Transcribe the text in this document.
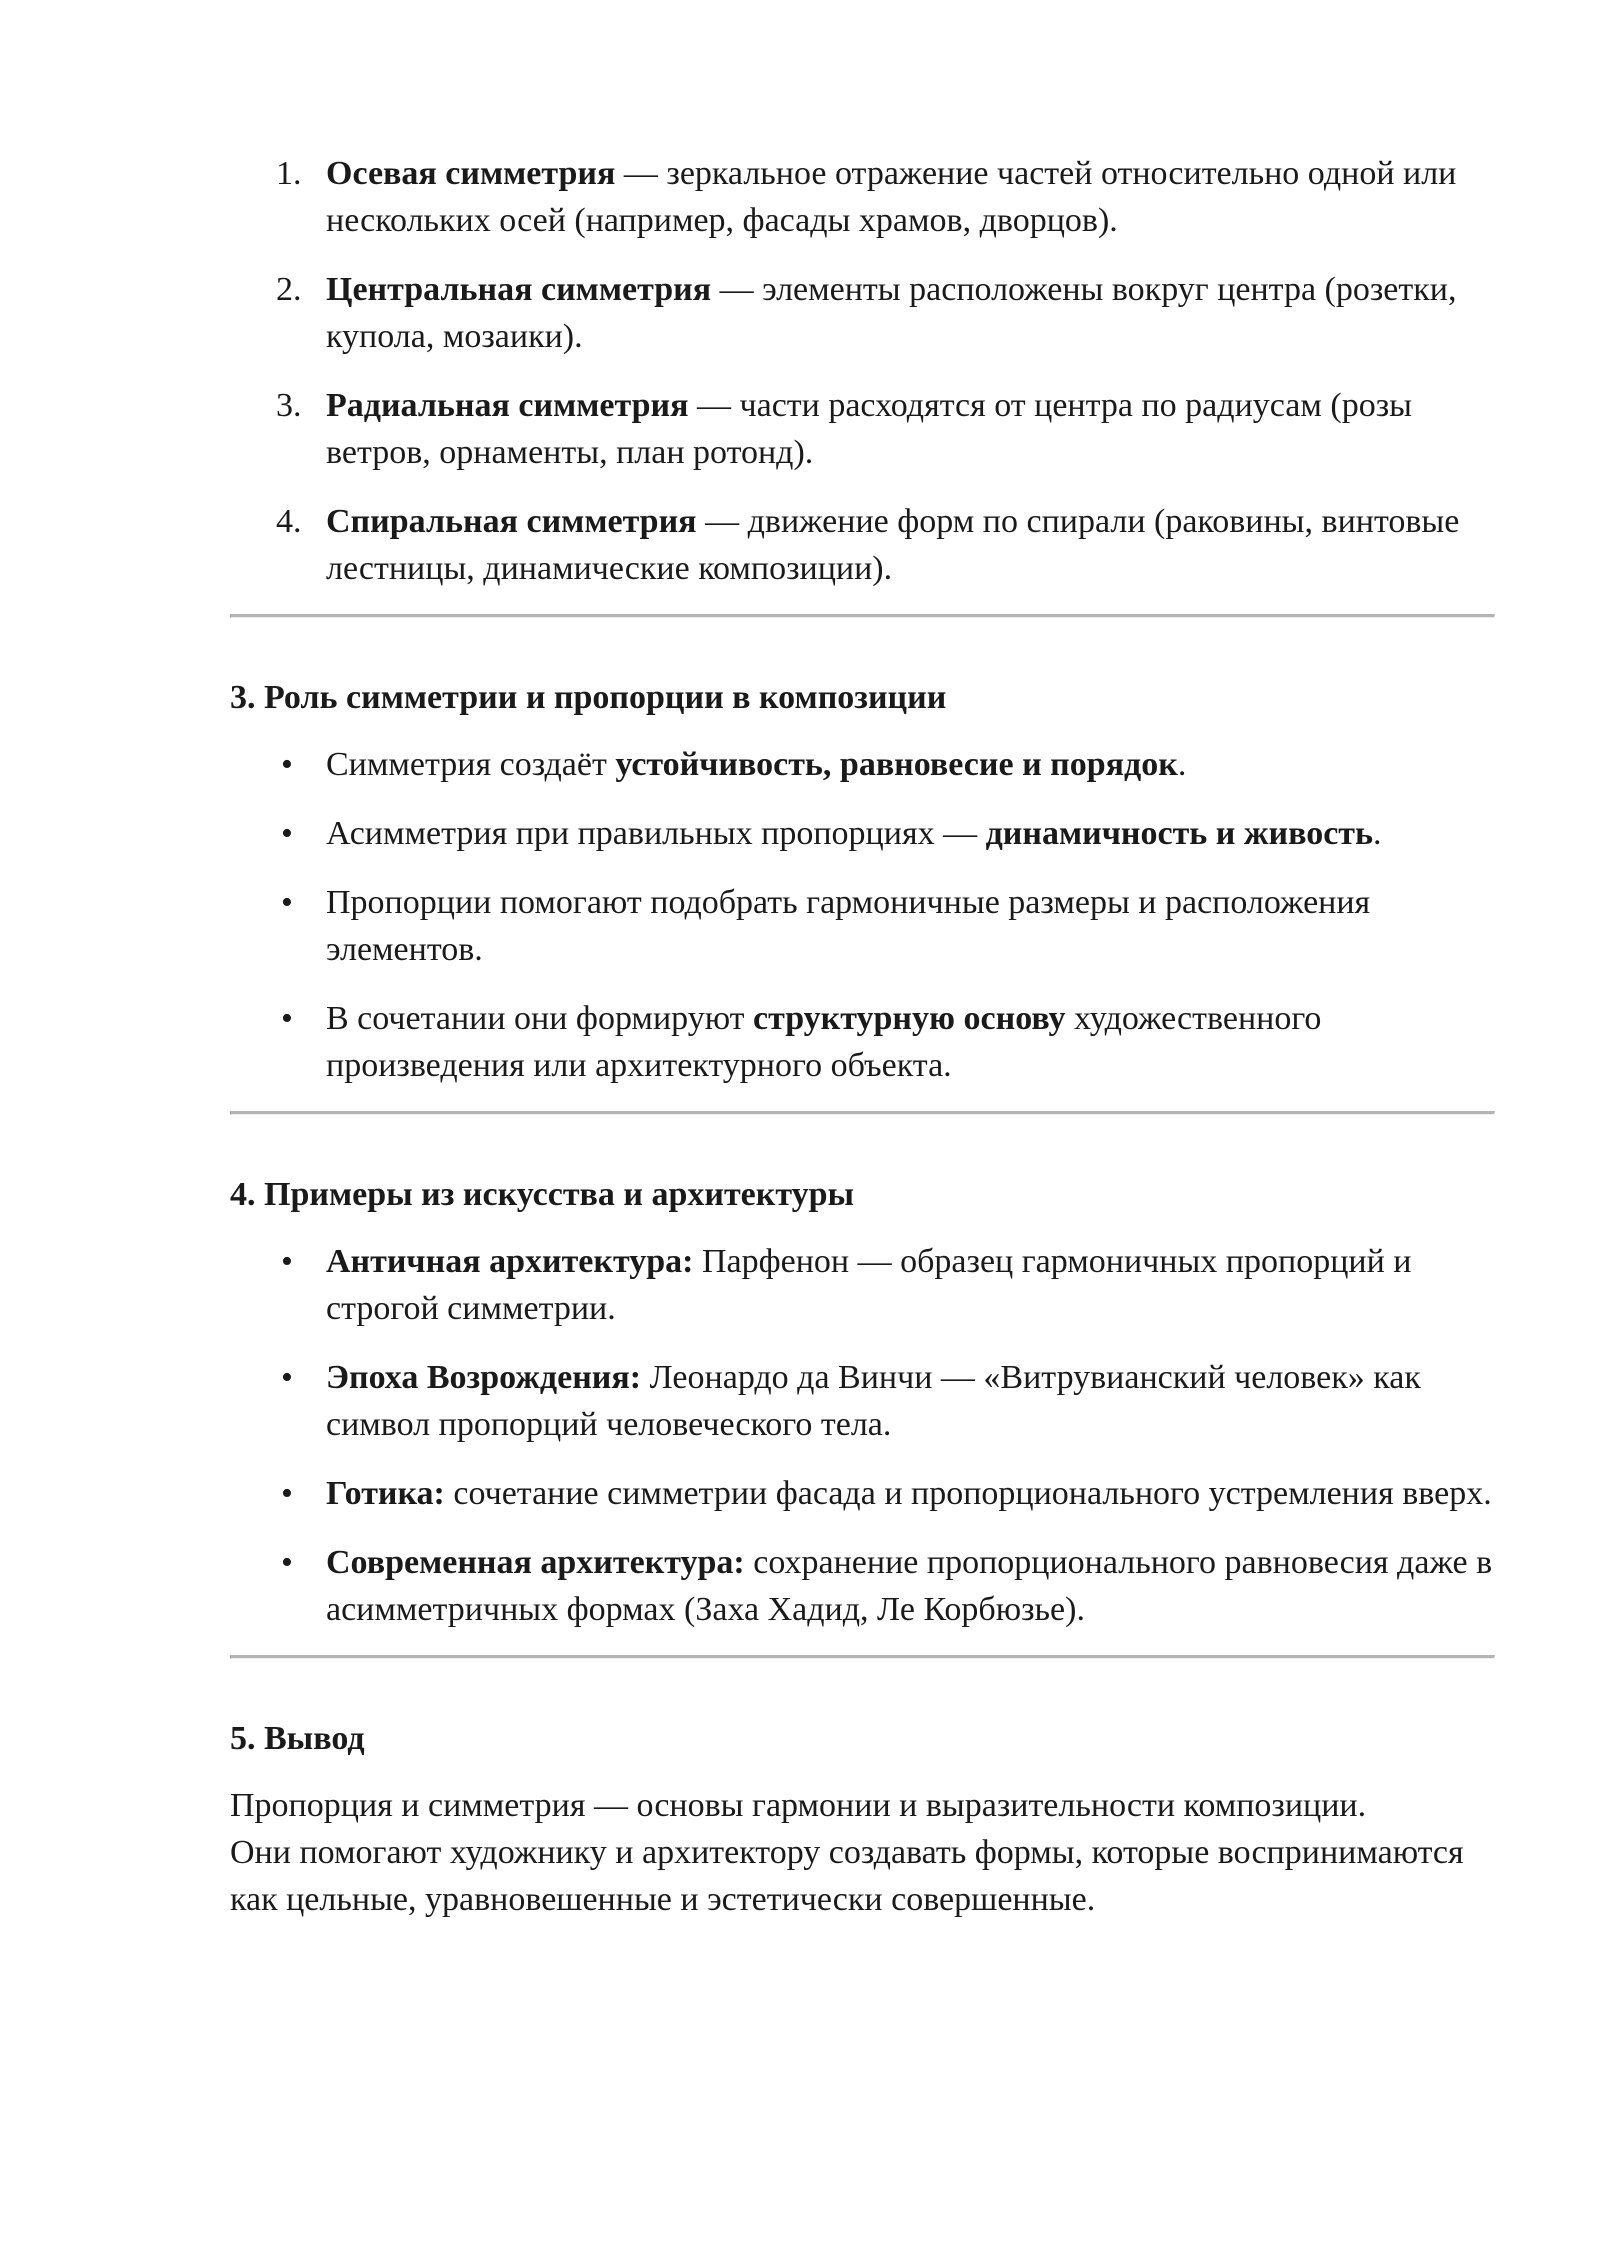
1. Осевая симметрия — зеркальное отражение частей относительно одной или нескольких осей (например, фасады храмов, дворцов).
2. Центральная симметрия — элементы расположены вокруг центра (розетки, купола, мозаики).
3. Радиальная симметрия — части расходятся от центра по радиусам (розы ветров, орнаменты, план ротонд).
4. Спиральная симметрия — движение форм по спирали (раковины, винтовые лестницы, динамические композиции).
3. Роль симметрии и пропорции в композиции
• Симметрия создаёт устойчивость, равновесие и порядок.
• Асимметрия при правильных пропорциях — динамичность и живость.
• Пропорции помогают подобрать гармоничные размеры и расположения элементов.
• В сочетании они формируют структурную основу художественного произведения или архитектурного объекта.
4. Примеры из искусства и архитектуры
• Античная архитектура: Парфенон — образец гармоничных пропорций и строгой симметрии.
• Эпоха Возрождения: Леонардо да Винчи — «Витрувианский человек» как символ пропорций человеческого тела.
• Готика: сочетание симметрии фасада и пропорционального устремления вверх.
• Современная архитектура: сохранение пропорционального равновесия даже в асимметричных формах (Заха Хадид, Ле Корбюзье).
5. Вывод

Пропорция и симметрия — основы гармонии и выразительности композиции.
Они помогают художнику и архитектору создавать формы, которые воспринимаются как цельные, уравновешенные и эстетически совершенные.
